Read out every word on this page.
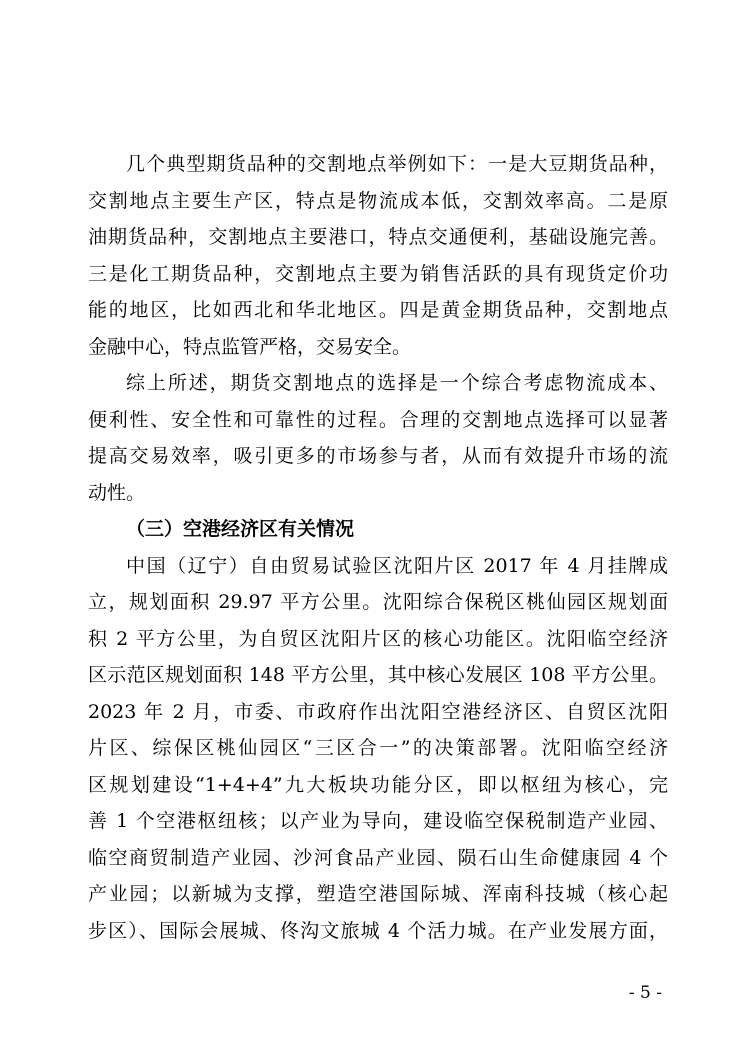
几个典型期货品种的交割地点举例如下：一是大豆期货品种，
交割地点主要生产区，特点是物流成本低，交割效率高。二是原
油期货品种，交割地点主要港口，特点交通便利，基础设施完善。
三是化工期货品种，交割地点主要为销售活跃的具有现货定价功
能的地区，比如西北和华北地区。四是黄金期货品种，交割地点
金融中心，特点监管严格，交易安全。
综上所述，期货交割地点的选择是一个综合考虑物流成本、
便利性、安全性和可靠性的过程。合理的交割地点选择可以显著
提高交易效率，吸引更多的市场参与者，从而有效提升市场的流
动性。
（三）空港经济区有关情况
中国（辽宁）自由贸易试验区沈阳片区 2017 年 4 月挂牌成
立，规划面积 29.97 平方公里。沈阳综合保税区桃仙园区规划面
积 2 平方公里，为自贸区沈阳片区的核心功能区。沈阳临空经济
区示范区规划面积 148 平方公里，其中核心发展区 108 平方公里。
2023 年 2 月，市委、市政府作出沈阳空港经济区、自贸区沈阳
片区、综保区桃仙园区“三区合一”的决策部署。沈阳临空经济
区规划建设“1+4+4”九大板块功能分区，即以枢纽为核心，完
善 1 个空港枢纽核；以产业为导向，建设临空保税制造产业园、
临空商贸制造产业园、沙河食品产业园、陨石山生命健康园 4 个
产业园；以新城为支撑，塑造空港国际城、浑南科技城（核心起
步区）、国际会展城、佟沟文旅城 4 个活力城。在产业发展方面，
- 5 -
